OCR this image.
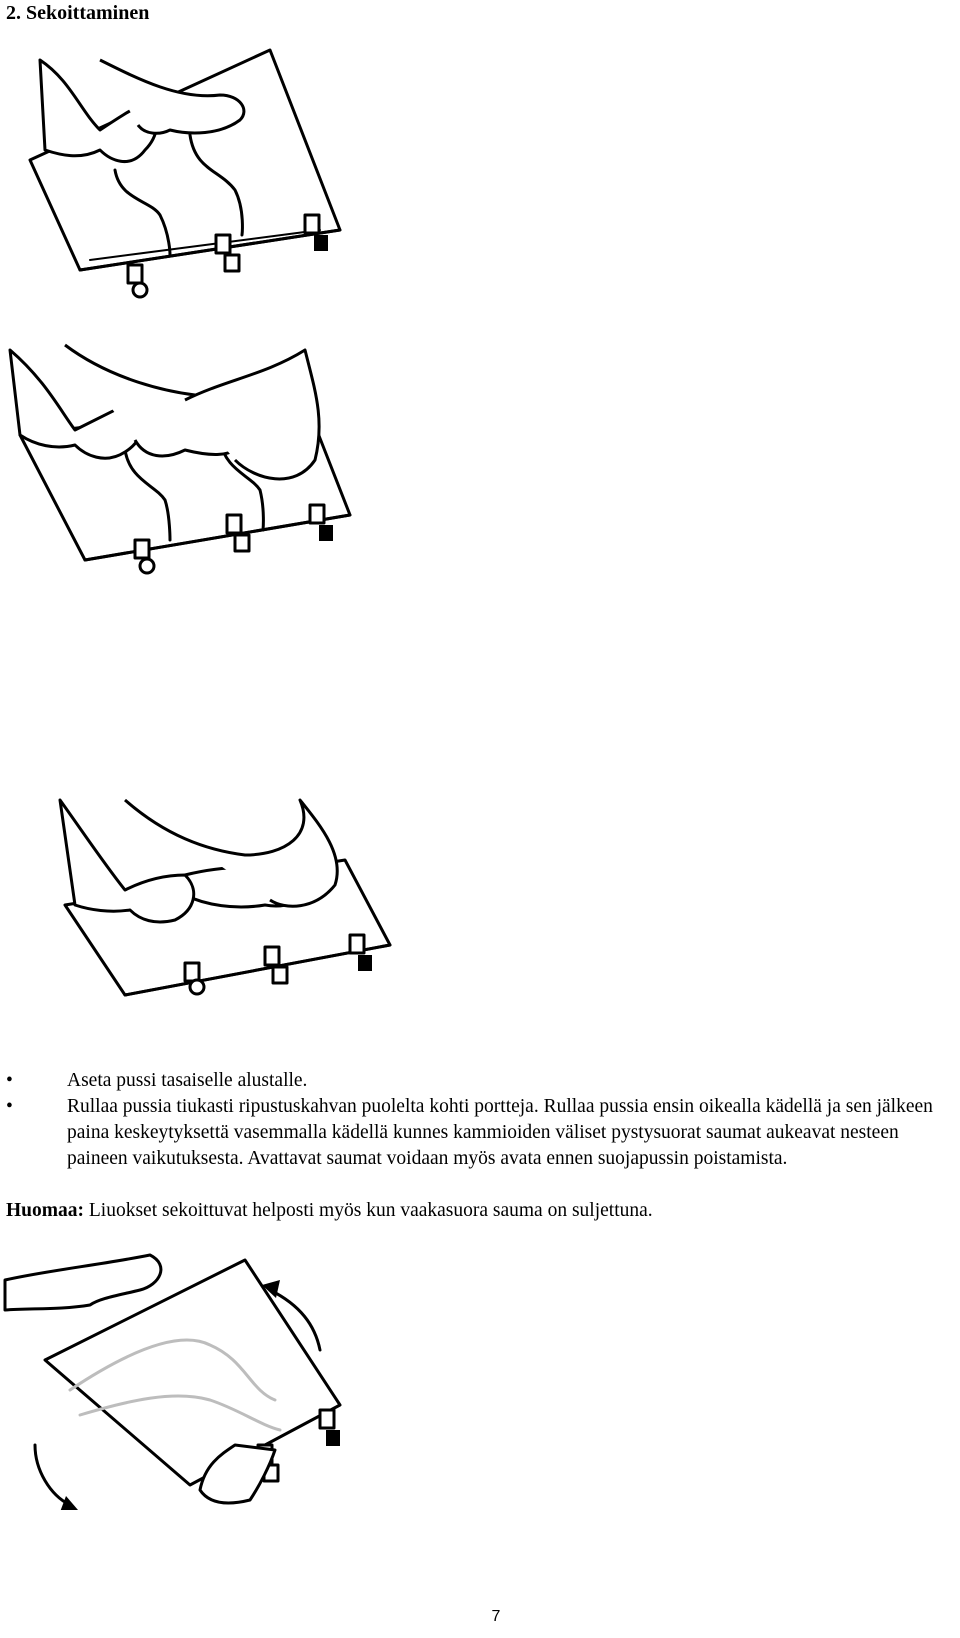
2. Sekoittaminen
•	Aseta pussi tasaiselle alustalle.
•	Rullaa pussia tiukasti ripustuskahvan puolelta kohti portteja. Rullaa pussia ensin oikealla kädellä ja sen jälkeen paina keskeytyksettä vasemmalla kädellä kunnes kammioiden väliset pystysuorat saumat aukeavat nesteen paineen vaikutuksesta. Avattavat saumat voidaan myös avata ennen suojapussin poistamista.

Huomaa: Liuokset sekoittuvat helposti myös kun vaakasuora sauma on suljettuna.

7
